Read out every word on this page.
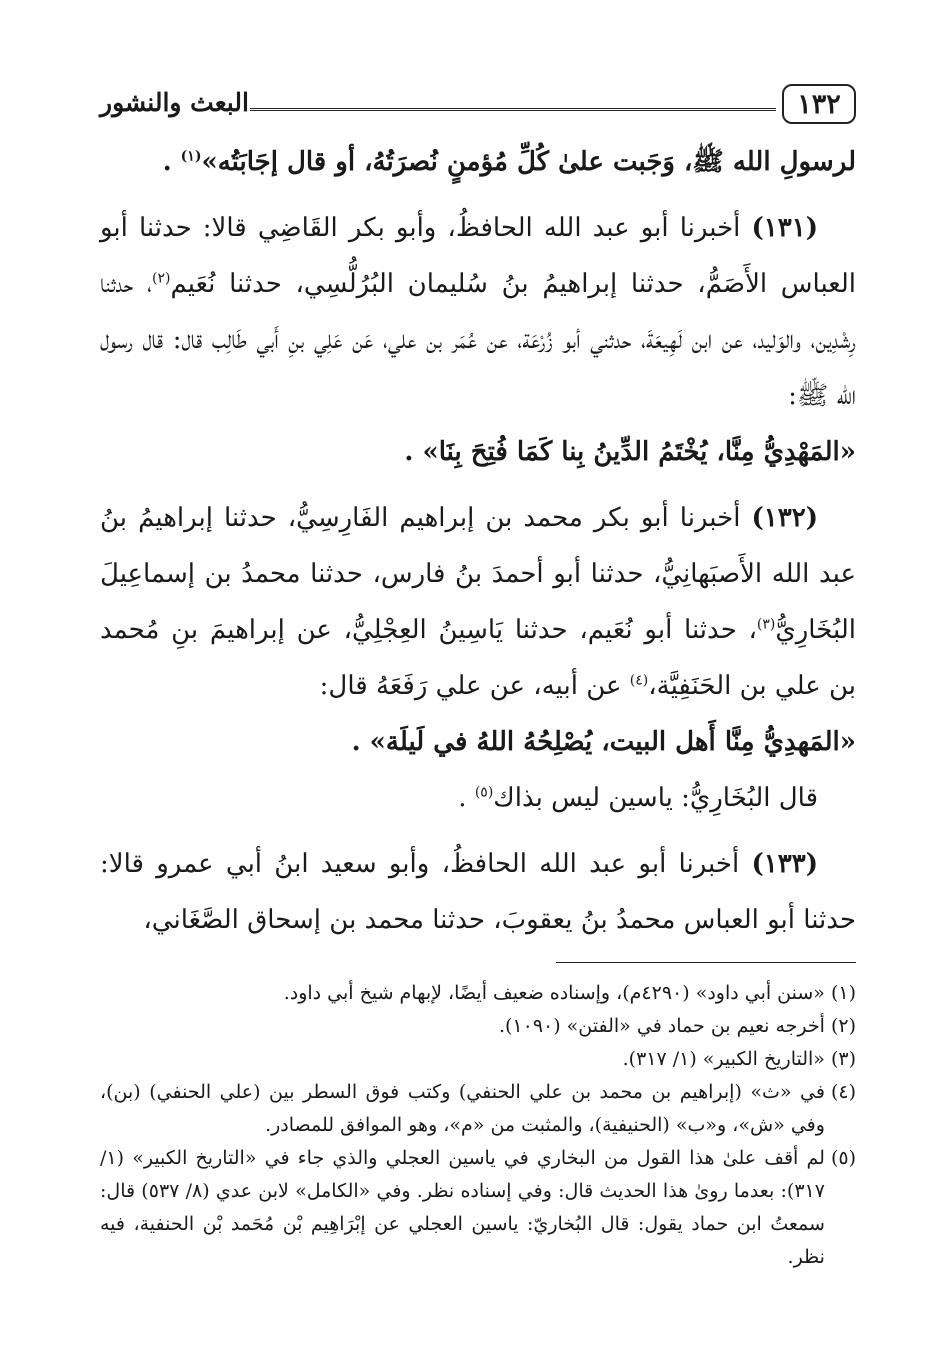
١٣٢
البعث والنشور

لرسولِ الله ﷺ، وَجَبت علىٰ كُلِّ مُؤمنٍ نُصرَتُهُ، أو قال إجَابَتُه»$^{(١)}$ .

(١٣١) أخبرنا أبو عبد الله الحافظُ، وأبو بكر القَاضِي قالا: حدثنا أبو العباس الأَصَمُّ، حدثنا إبراهيمُ بنُ سُليمان البُرُلُّسِي، حدثنا نُعَيم$^{(٢)}$، حدثنا رِشْدِين، والوَليد، عن ابن لَهِيعَةَ، حدثني أبو زُرْعَة، عن عُمَر بن علي، عَن عَلِي بنِ أَبي طَالِب قال: قال رسول الله ﷺ:

«المَهْدِيُّ مِنَّا، يُخْتَمُ الدِّينُ بِنا كَمَا فُتِحَ بِنَا» .

(١٣٢) أخبرنا أبو بكر محمد بن إبراهيم الفَارِسِيُّ، حدثنا إبراهيمُ بنُ عبد الله الأَصبَهانِيُّ، حدثنا أبو أحمدَ بنُ فارس، حدثنا محمدُ بن إسماعِيلَ البُخَارِيُّ$^{(٣)}$، حدثنا أبو نُعَيم، حدثنا يَاسِينُ العِجْلِيُّ، عن إبراهيمَ بنِ مُحمد بن علي بن الحَنَفِيَّة،$^{(٤)}$ عن أبيه، عن علي رَفَعَهُ قال:

«المَهدِيُّ مِنَّا أَهل البيت، يُصْلِحُهُ اللهُ في لَيلَة» .

قال البُخَارِيُّ: ياسين ليس بذاك$^{(٥)}$ .

(١٣٣) أخبرنا أبو عبد الله الحافظُ، وأبو سعيد ابنُ أبي عمرو قالا: حدثنا أبو العباس محمدُ بنُ يعقوبَ، حدثنا محمد بن إسحاق الصَّغَاني،

(١)
«سنن أبي داود» (٤٢٩٠م)، وإسناده ضعيف أيضًا، لإبهام شيخ أبي داود.
(٢)
أخرجه نعيم بن حماد في «الفتن» (١٠٩٠).
(٣)
«التاريخ الكبير» (١/ ٣١٧).
(٤)
في «ث» (إبراهيم بن محمد بن علي الحنفي) وكتب فوق السطر بين (علي الحنفي) (بن)، وفي «ش»، و«ب» (الحنيفية)، والمثبت من «م»، وهو الموافق للمصادر.
(٥)
لم أقف علىٰ هذا القول من البخاري في ياسين العجلي والذي جاء في «التاريخ الكبير» (١/ ٣١٧): بعدما روىٰ هذا الحديث قال: وفي إسناده نظر. وفي «الكامل» لابن عدي (٨/ ٥٣٧) قال: سمعتُ ابن حماد يقول: قال البُخاريّ: ياسين العجلي عن إبْرَاهِيم بْن مُحَمد بْن الحنفية، فيه نظر.
